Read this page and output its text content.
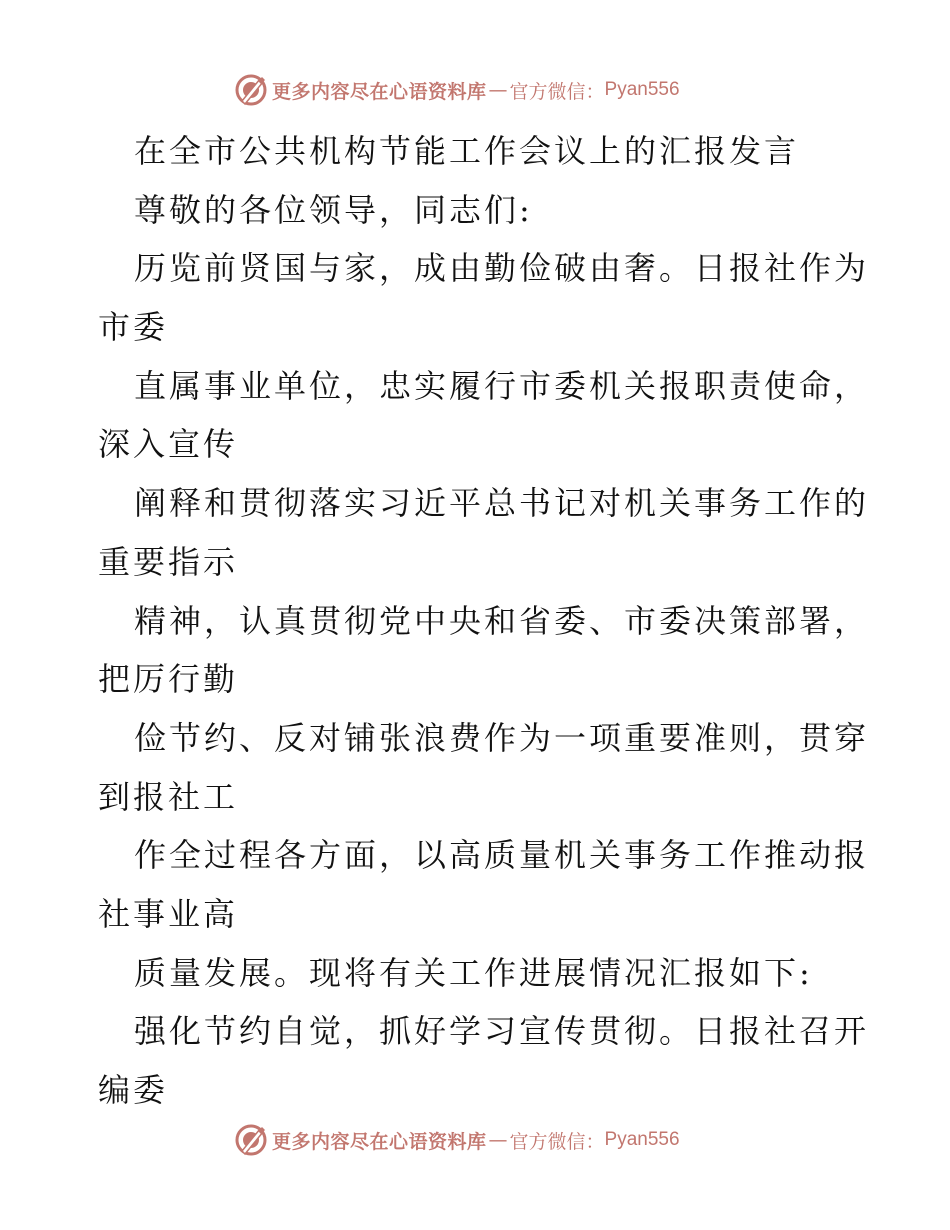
更多内容尽在心语资料库 — 官方微信： Pyan556
在全市公共机构节能工作会议上的汇报发言
尊敬的各位领导，同志们:
历览前贤国与家，成由勤俭破由奢。日报社作为
市委
直属事业单位，忠实履行市委机关报职责使命，
深入宣传
阐释和贯彻落实习近平总书记对机关事务工作的
重要指示
精神，认真贯彻党中央和省委、市委决策部署，
把厉行勤
俭节约、反对铺张浪费作为一项重要准则，贯穿
到报社工
作全过程各方面，以高质量机关事务工作推动报
社事业高
质量发展。现将有关工作进展情况汇报如下:
强化节约自觉，抓好学习宣传贯彻。日报社召开
编委
更多内容尽在心语资料库 — 官方微信： Pyan556
